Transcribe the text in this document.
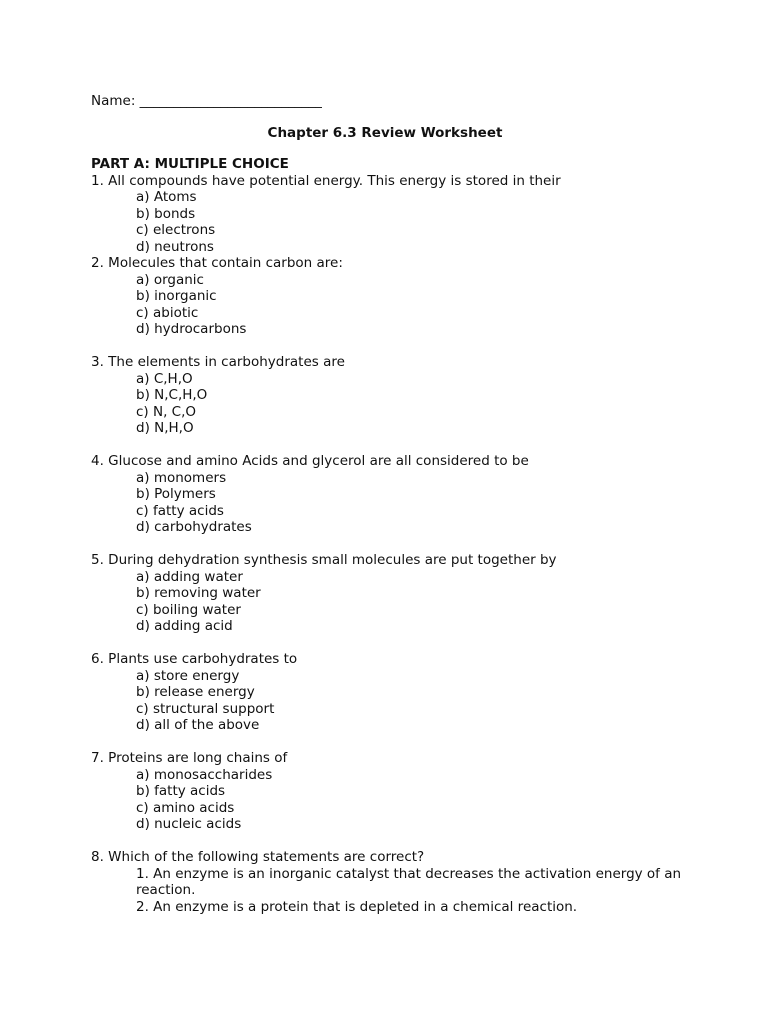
Name: ___________________________
Chapter 6.3 Review Worksheet
PART A: MULTIPLE CHOICE
1. All compounds have potential energy. This energy is stored in their
a) Atoms
b) bonds
c) electrons
d) neutrons
2. Molecules that contain carbon are:
a) organic
b) inorganic
c) abiotic
d) hydrocarbons
3. The elements in carbohydrates are
a) C,H,O
b) N,C,H,O
c) N, C,O
d) N,H,O
4. Glucose and amino Acids and glycerol are all considered to be
a) monomers
b) Polymers
c) fatty acids
d) carbohydrates
5. During dehydration synthesis small molecules are put together by
a) adding water
b) removing water
c) boiling water
d) adding acid
6. Plants use carbohydrates to
a) store energy
b) release energy
c) structural support
d) all of the above
7. Proteins are long chains of
a) monosaccharides
b) fatty acids
c) amino acids
d) nucleic acids
8. Which of the following statements are correct?
1. An enzyme is an inorganic catalyst that decreases the activation energy of an reaction.
2. An enzyme is a protein that is depleted in a chemical reaction.
